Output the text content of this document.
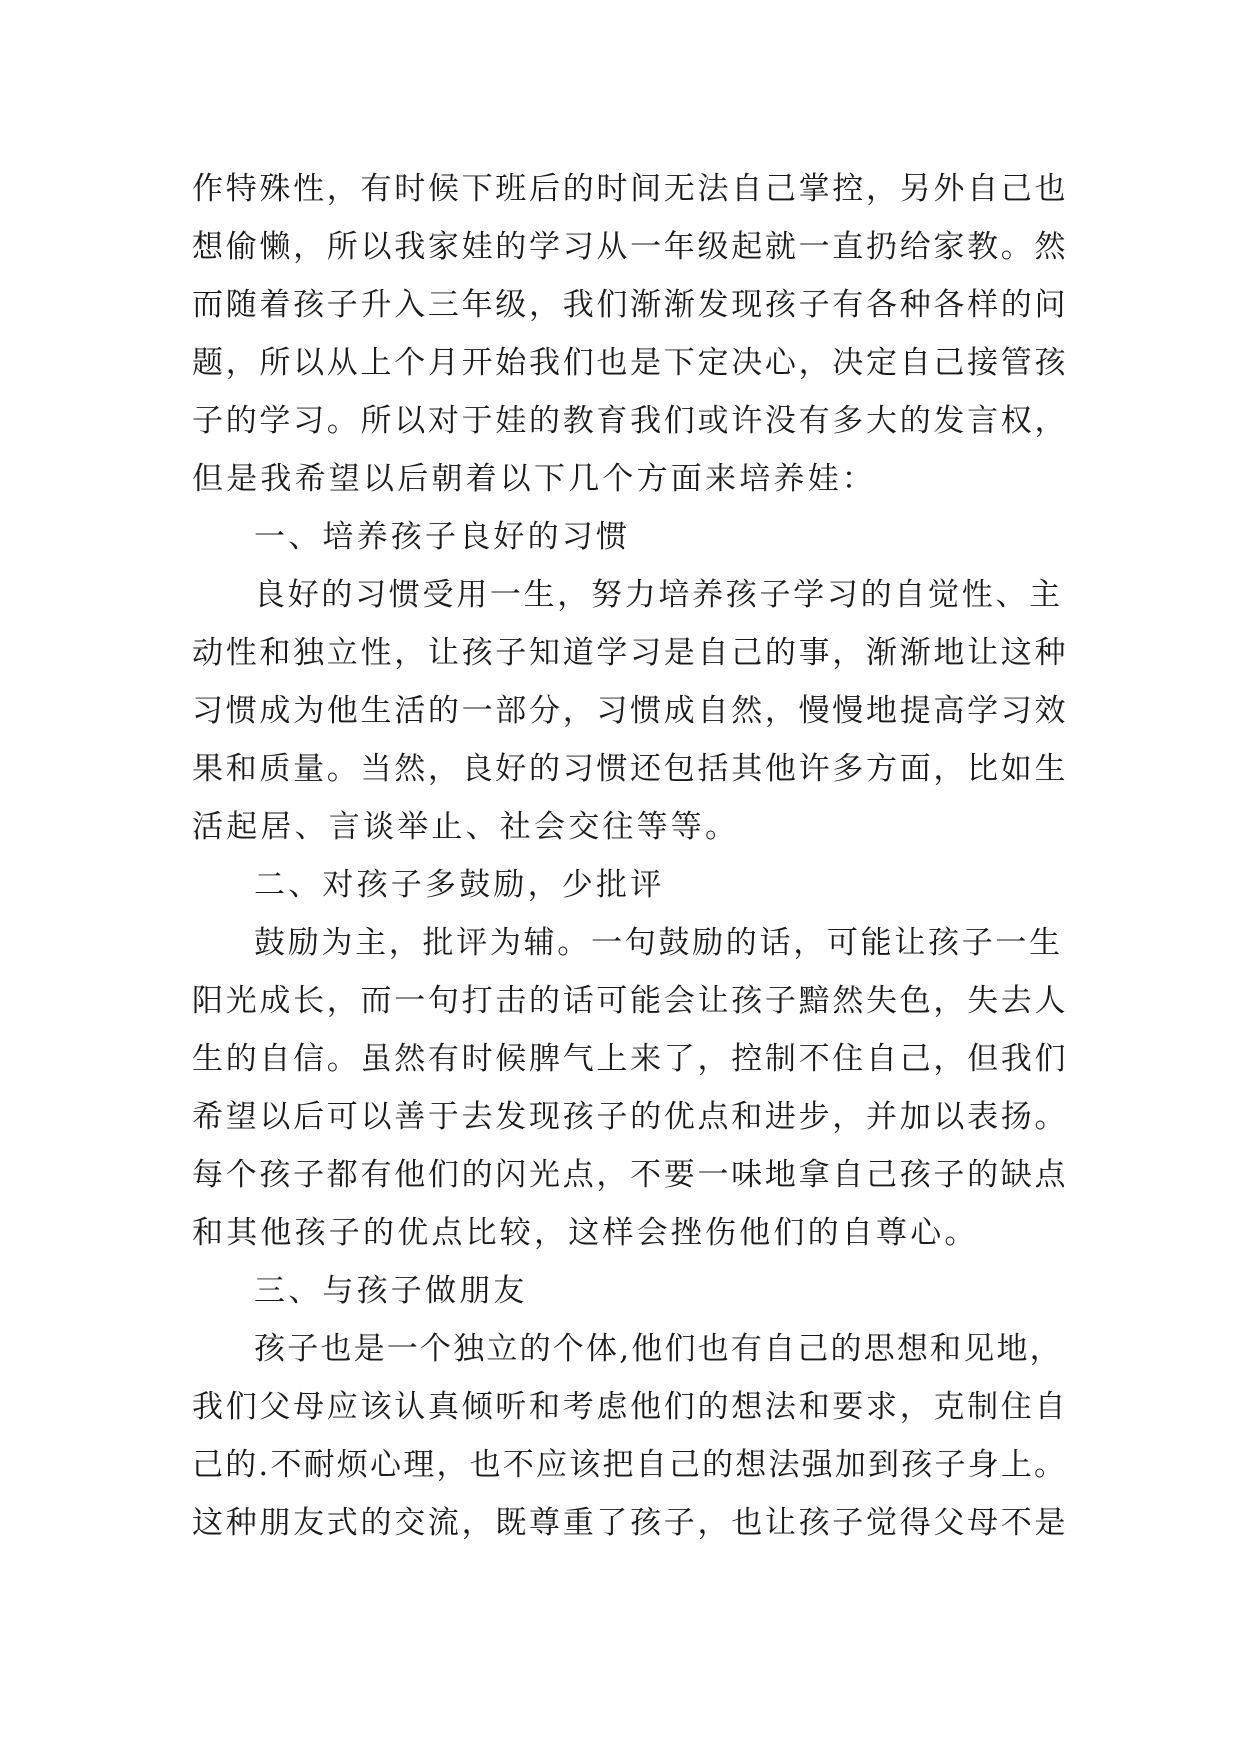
作特殊性，有时候下班后的时间无法自己掌控，另外自己也
想偷懒，所以我家娃的学习从一年级起就一直扔给家教。然
而随着孩子升入三年级，我们渐渐发现孩子有各种各样的问
题，所以从上个月开始我们也是下定决心，决定自己接管孩
子的学习。所以对于娃的教育我们或许没有多大的发言权，
但是我希望以后朝着以下几个方面来培养娃：
一、培养孩子良好的习惯
良好的习惯受用一生，努力培养孩子学习的自觉性、主
动性和独立性，让孩子知道学习是自己的事，渐渐地让这种
习惯成为他生活的一部分，习惯成自然，慢慢地提高学习效
果和质量。当然，良好的习惯还包括其他许多方面，比如生
活起居、言谈举止、社会交往等等。
二、对孩子多鼓励，少批评
鼓励为主，批评为辅。一句鼓励的话，可能让孩子一生
阳光成长，而一句打击的话可能会让孩子黯然失色，失去人
生的自信。虽然有时候脾气上来了，控制不住自己，但我们
希望以后可以善于去发现孩子的优点和进步，并加以表扬。
每个孩子都有他们的闪光点，不要一味地拿自己孩子的缺点
和其他孩子的优点比较，这样会挫伤他们的自尊心。
三、与孩子做朋友
孩子也是一个独立的个体,他们也有自己的思想和见地，
我们父母应该认真倾听和考虑他们的想法和要求，克制住自
己的.不耐烦心理，也不应该把自己的想法强加到孩子身上。
这种朋友式的交流，既尊重了孩子，也让孩子觉得父母不是
